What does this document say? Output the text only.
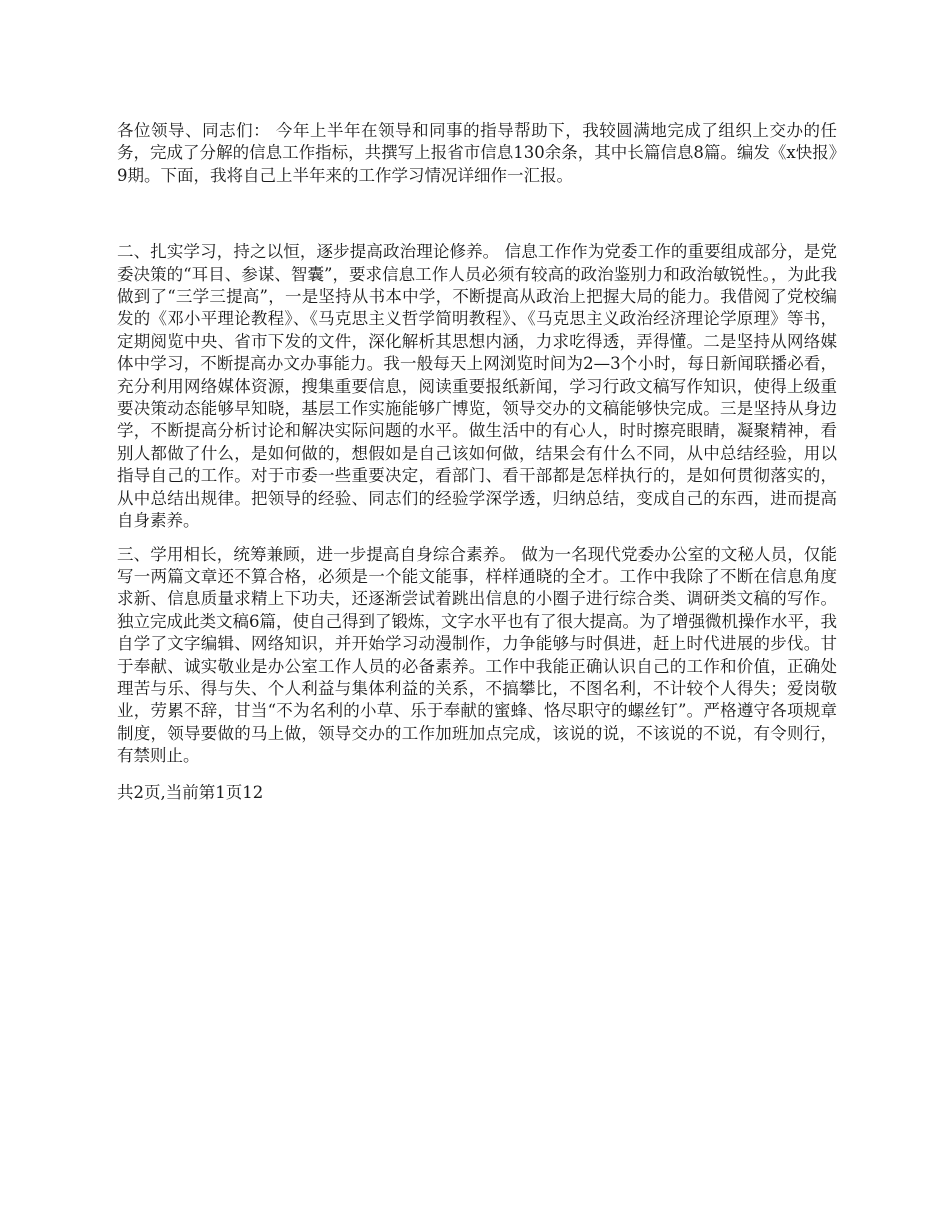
各位领导、同志们： 今年上半年在领导和同事的指导帮助下，我较圆满地完成了组织上交办的任务，完成了分解的信息工作指标，共撰写上报省市信息130余条，其中长篇信息8篇。编发《x快报》9期。下面，我将自己上半年来的工作学习情况详细作一汇报。

二、扎实学习，持之以恒，逐步提高政治理论修养。 信息工作作为党委工作的重要组成部分，是党委决策的“耳目、参谋、智囊”，要求信息工作人员必须有较高的政治鉴别力和政治敏锐性。，为此我做到了“三学三提高”，一是坚持从书本中学，不断提高从政治上把握大局的能力。我借阅了党校编发的《邓小平理论教程》、《马克思主义哲学简明教程》、《马克思主义政治经济理论学原理》等书，定期阅览中央、省市下发的文件，深化解析其思想内涵，力求吃得透，弄得懂。二是坚持从网络媒体中学习，不断提高办文办事能力。我一般每天上网浏览时间为2—3个小时，每日新闻联播必看，充分利用网络媒体资源，搜集重要信息，阅读重要报纸新闻，学习行政文稿写作知识，使得上级重要决策动态能够早知晓，基层工作实施能够广博览，领导交办的文稿能够快完成。三是坚持从身边学，不断提高分析讨论和解决实际问题的水平。做生活中的有心人，时时擦亮眼睛，凝聚精神，看别人都做了什么，是如何做的，想假如是自己该如何做，结果会有什么不同，从中总结经验，用以指导自己的工作。对于市委一些重要决定，看部门、看干部都是怎样执行的，是如何贯彻落实的，从中总结出规律。把领导的经验、同志们的经验学深学透，归纳总结，变成自己的东西，进而提高自身素养。

三、学用相长，统筹兼顾，进一步提高自身综合素养。 做为一名现代党委办公室的文秘人员，仅能写一两篇文章还不算合格，必须是一个能文能事，样样通晓的全才。工作中我除了不断在信息角度求新、信息质量求精上下功夫，还逐渐尝试着跳出信息的小圈子进行综合类、调研类文稿的写作。独立完成此类文稿6篇，使自己得到了锻炼，文字水平也有了很大提高。为了增强微机操作水平，我自学了文字编辑、网络知识，并开始学习动漫制作，力争能够与时俱进，赶上时代进展的步伐。甘于奉献、诚实敬业是办公室工作人员的必备素养。工作中我能正确认识自己的工作和价值，正确处理苦与乐、得与失、个人利益与集体利益的关系，不搞攀比，不图名利，不计较个人得失；爱岗敬业，劳累不辞，甘当“不为名利的小草、乐于奉献的蜜蜂、恪尽职守的螺丝钉”。严格遵守各项规章制度，领导要做的马上做，领导交办的工作加班加点完成，该说的说，不该说的不说，有令则行，有禁则止。

共2页,当前第1页12
